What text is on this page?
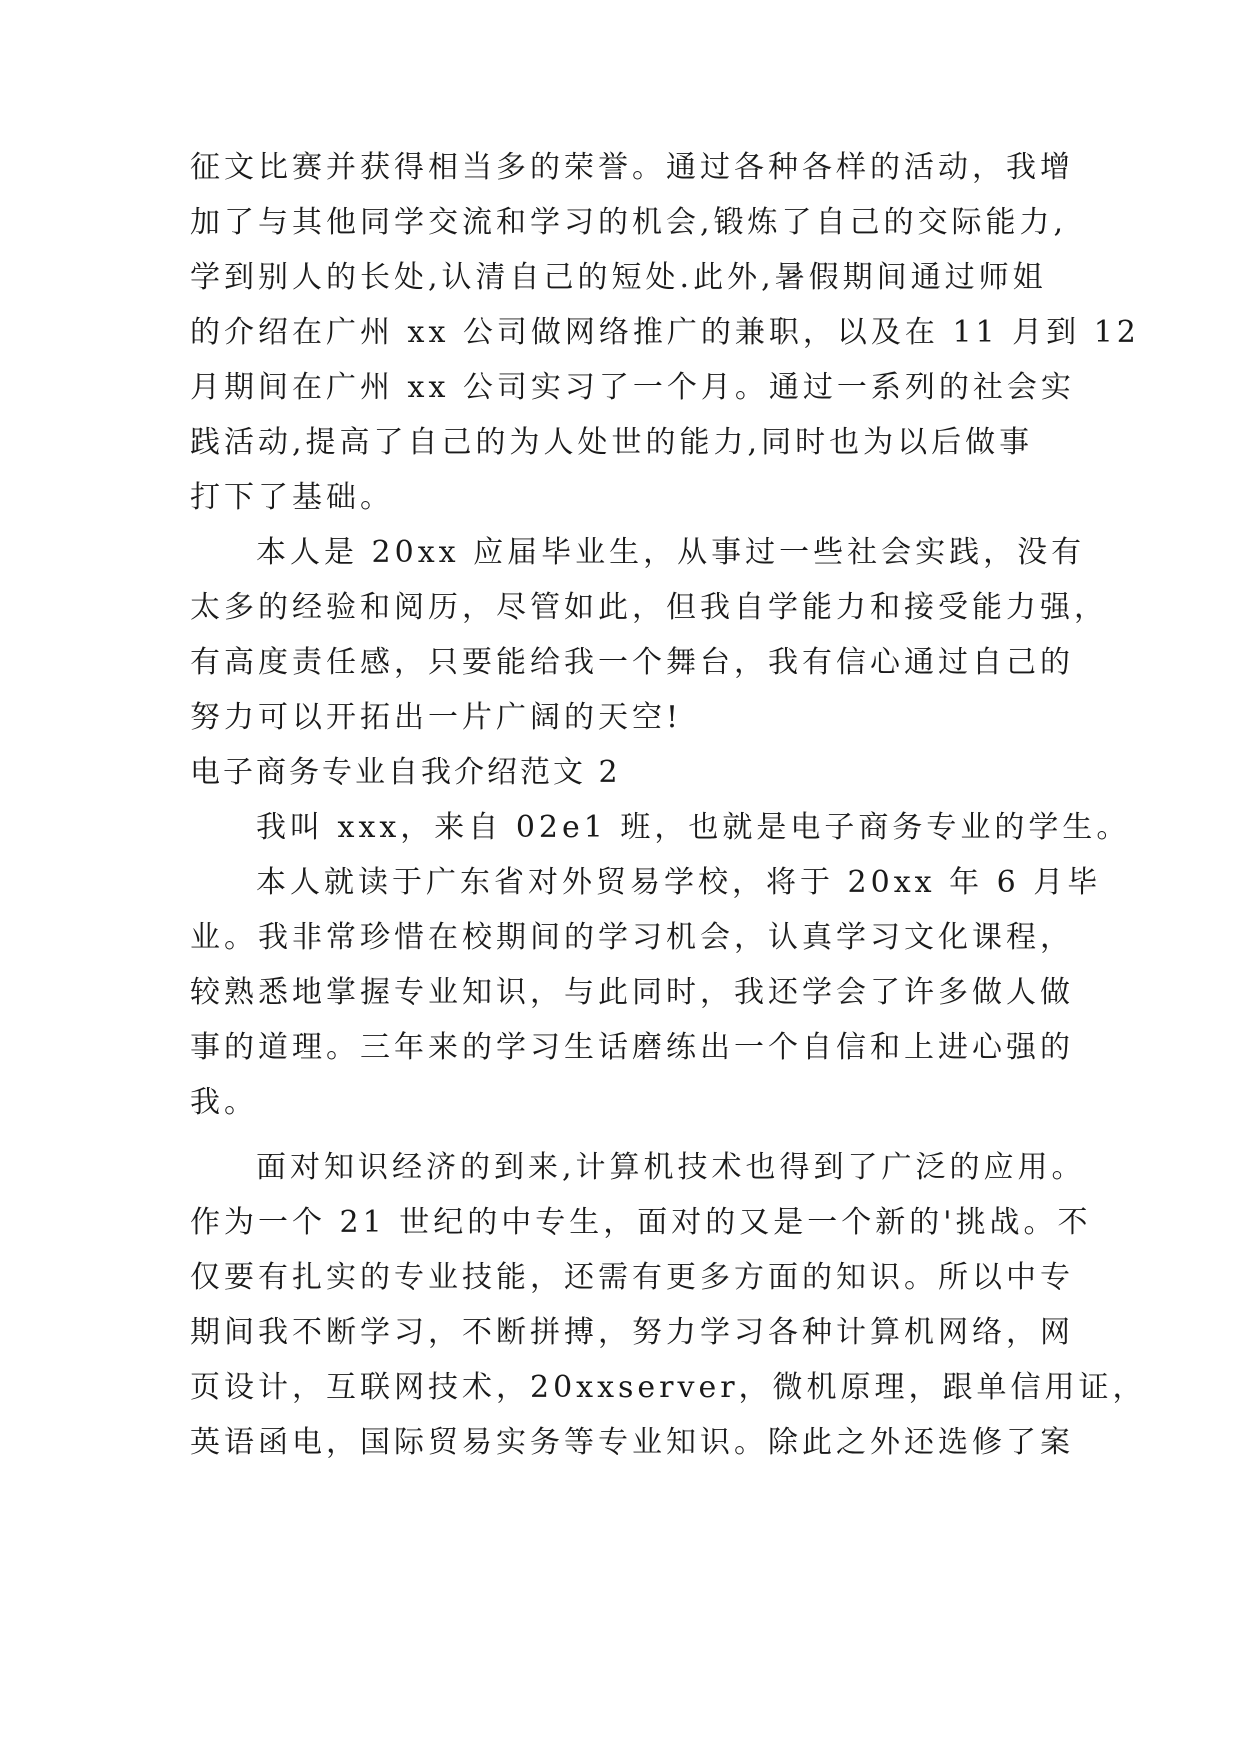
征文比赛并获得相当多的荣誉。通过各种各样的活动，我增
加了与其他同学交流和学习的机会,锻炼了自己的交际能力,
学到别人的长处,认清自己的短处.此外,暑假期间通过师姐
的介绍在广州 xx 公司做网络推广的兼职，以及在 11 月到 12
月期间在广州 xx 公司实习了一个月。通过一系列的社会实
践活动,提高了自己的为人处世的能力,同时也为以后做事
打下了基础。
本人是 20xx 应届毕业生，从事过一些社会实践，没有
太多的经验和阅历，尽管如此，但我自学能力和接受能力强，
有高度责任感，只要能给我一个舞台，我有信心通过自己的
努力可以开拓出一片广阔的天空!
电子商务专业自我介绍范文 2
我叫 xxx，来自 02e1 班，也就是电子商务专业的学生。
本人就读于广东省对外贸易学校，将于 20xx 年 6 月毕
业。我非常珍惜在校期间的学习机会，认真学习文化课程，
较熟悉地掌握专业知识，与此同时，我还学会了许多做人做
事的道理。三年来的学习生话磨练出一个自信和上进心强的
我。
面对知识经济的到来,计算机技术也得到了广泛的应用。
作为一个 21 世纪的中专生，面对的又是一个新的'挑战。不
仅要有扎实的专业技能，还需有更多方面的知识。所以中专
期间我不断学习，不断拼搏，努力学习各种计算机网络，网
页设计，互联网技术，20xxserver，微机原理，跟单信用证，
英语函电，国际贸易实务等专业知识。除此之外还选修了案
